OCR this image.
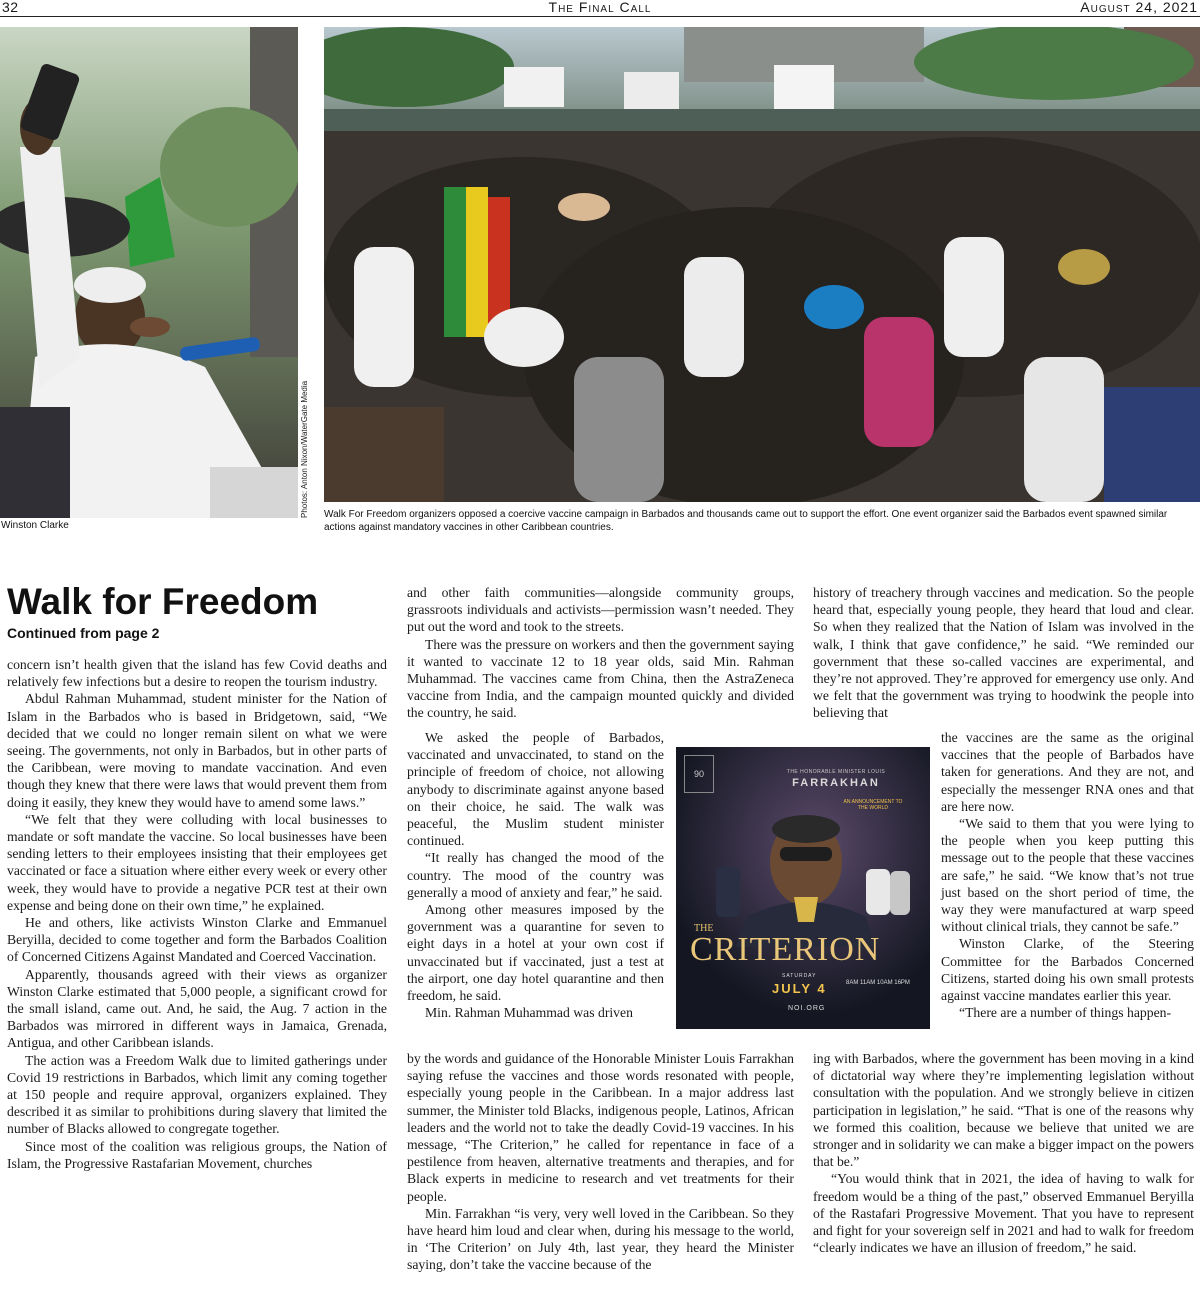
32	The Final Call	August 24, 2021
Photos: Anton Nixon/WaterGate Media
Winston Clarke
Walk For Freedom organizers opposed a coercive vaccine campaign in Barbados and thousands came out to support the effort. One event organizer said the Barbados event spawned similar actions against mandatory vaccines in other Caribbean countries.
Walk for Freedom
Continued from page 2

concern isn’t health given that the island has few Covid deaths and relatively few infections but a desire to reopen the tourism industry.

Abdul Rahman Muhammad, student minister for the Nation of Islam in the Barbados who is based in Bridgetown, said, “We decided that we could no longer remain silent on what we were seeing. The governments, not only in Barbados, but in other parts of the Caribbean, were moving to mandate vaccination. And even though they knew that there were laws that would prevent them from doing it easily, they knew they would have to amend some laws.”

“We felt that they were colluding with local businesses to mandate or soft mandate the vaccine. So local businesses have been sending letters to their employees insisting that their employees get vaccinated or face a situation where either every week or every other week, they would have to provide a negative PCR test at their own expense and being done on their own time,” he explained.

He and others, like activists Winston Clarke and Emmanuel Beryilla, decided to come together and form the Barbados Coalition of Concerned Citizens Against Mandated and Coerced Vaccination.

Apparently, thousands agreed with their views as organizer Winston Clarke estimated that 5,000 people, a significant crowd for the small island, came out. And, he said, the Aug. 7 action in the Barbados was mirrored in different ways in Jamaica, Grenada, Antigua, and other Caribbean islands.

The action was a Freedom Walk due to limited gatherings under Covid 19 restrictions in Barbados, which limit any coming together at 150 people and require approval, organizers explained. They described it as similar to prohibitions during slavery that limited the number of Blacks allowed to congregate together.

Since most of the coalition was religious groups, the Nation of Islam, the Progressive Rastafarian Movement, churches

and other faith communities—alongside community groups, grassroots individuals and activists—permission wasn’t needed. They put out the word and took to the streets.

There was the pressure on workers and then the government saying it wanted to vaccinate 12 to 18 year olds, said Min. Rahman Muhammad. The vaccines came from China, then the AstraZeneca vaccine from India, and the campaign mounted quickly and divided the country, he said.

We asked the people of Barbados, vaccinated and unvaccinated, to stand on the principle of freedom of choice, not allowing anybody to discriminate against anyone based on their choice, he said. The walk was peaceful, the Muslim student minister continued.

“It really has changed the mood of the country. The mood of the country was generally a mood of anxiety and fear,” he said.

Among other measures imposed by the government was a quarantine for seven to eight days in a hotel at your own cost if unvaccinated but if vaccinated, just a test at the airport, one day hotel quarantine and then freedom, he said.

Min. Rahman Muhammad was driven

by the words and guidance of the Honorable Minister Louis Farrakhan saying refuse the vaccines and those words resonated with people, especially young people in the Caribbean. In a major address last summer, the Minister told Blacks, indigenous people, Latinos, African leaders and the world not to take the deadly Covid-19 vaccines. In his message, “The Criterion,” he called for repentance in face of a pestilence from heaven, alternative treatments and therapies, and for Black experts in medicine to research and vet treatments for their people.

Min. Farrakhan “is very, very well loved in the Caribbean. So they have heard him loud and clear when, during his message to the world, in ‘The Criterion’ on July 4th, last year, they heard the Minister saying, don’t take the vaccine because of the

history of treachery through vaccines and medication. So the people heard that, especially young people, they heard that loud and clear. So when they realized that the Nation of Islam was involved in the walk, I think that gave confidence,” he said. “We reminded our government that these so-called vaccines are experimental, and they’re not approved. They’re approved for emergency use only. And we felt that the government was trying to hoodwink the people into believing that

the vaccines are the same as the original vaccines that the people of Barbados have taken for generations. And they are not, and especially the messenger RNA ones and that are here now.

“We said to them that you were lying to the people when you keep putting this message out to the people that these vaccines are safe,” he said. “We know that’s not true just based on the short period of time, the way they were manufactured at warp speed without clinical trials, they cannot be safe.”

Winston Clarke, of the Steering Committee for the Barbados Concerned Citizens, started doing his own small protests against vaccine mandates earlier this year.

“There are a number of things happen-

ing with Barbados, where the government has been moving in a kind of dictatorial way where they’re implementing legislation without consultation with the population. And we strongly believe in citizen participation in legislation,” he said. “That is one of the reasons why we formed this coalition, because we believe that united we are stronger and in solidarity we can make a bigger impact on the powers that be.”

“You would think that in 2021, the idea of having to walk for freedom would be a thing of the past,” observed Emmanuel Beryilla of the Rastafari Progressive Movement. That you have to represent and fight for your sovereign self in 2021 and had to walk for freedom “clearly indicates we have an illusion of freedom,” he said.

90	THE HONORABLE MINISTER LOUIS
FARRAKHAN
AN ANNOUNCEMENT TO THE WORLD
THE
CRITERION
SATURDAY
JULY 4	8AM 11AM 10AM 16PM
NOI.ORG
